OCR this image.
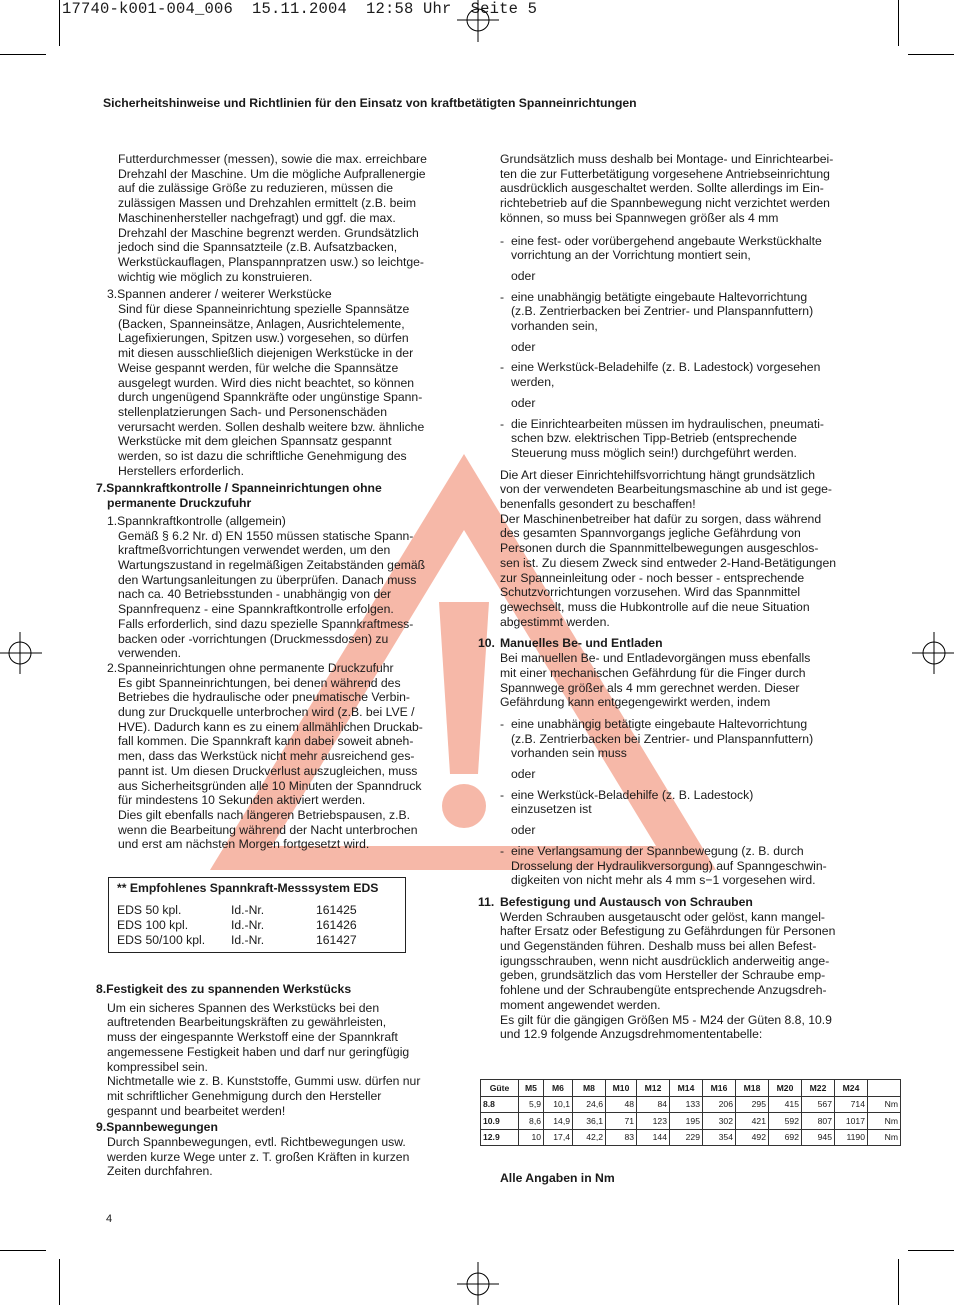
17740-k001-004_006  15.11.2004  12:58 Uhr  Seite 5
Sicherheitshinweise und Richtlinien für den Einsatz von kraftbetätigten Spanneinrichtungen
Futterdurchmesser (messen), sowie die max. erreichbare
Drehzahl der Maschine. Um die mögliche Aufprallenergie
auf die zulässige Größe zu reduzieren, müssen die
zulässigen Massen und Drehzahlen ermittelt (z.B. beim
Maschinenhersteller nachgefragt) und ggf. die max.
Drehzahl der Maschine begrenzt werden. Grundsätzlich
jedoch sind die Spannsatzteile (z.B. Aufsatzbacken,
Werkstückauflagen, Planspannpratzen usw.) so leichtge-
wichtig wie möglich zu konstruieren.

3.Spannen anderer / weiterer Werkstücke

Sind für diese Spanneinrichtung spezielle Spannsätze
(Backen, Spanneinsätze, Anlagen, Ausrichtelemente,
Lagefixierungen, Spitzen usw.) vorgesehen, so dürfen
mit diesen ausschließlich diejenigen Werkstücke in der
Weise gespannt werden, für welche die Spannsätze
ausgelegt wurden. Wird dies nicht beachtet, so können
durch ungenügend Spannkräfte oder ungünstige Spann-
stellenplatzierungen Sach- und Personenschäden
verursacht werden. Sollen deshalb weitere bzw. ähnliche
Werkstücke mit dem gleichen Spannsatz gespannt
werden, so ist dazu die schriftliche Genehmigung des
Herstellers erforderlich.

7.Spannkraftkontrolle / Spanneinrichtungen ohne

permanente Druckzufuhr

1.Spannkraftkontrolle (allgemein)

Gemäß § 6.2 Nr. d) EN 1550 müssen statische Spann-
kraftmeßvorrichtungen verwendet werden, um den
Wartungszustand in regelmäßigen Zeitabständen gemäß
den Wartungsanleitungen zu überprüfen. Danach muss
nach ca. 40 Betriebsstunden - unabhängig von der
Spannfrequenz - eine Spannkraftkontrolle erfolgen.
Falls erforderlich, sind dazu spezielle Spannkraftmess-
backen oder -vorrichtungen (Druckmessdosen) zu
verwenden.

2.Spanneinrichtungen ohne permanente Druckzufuhr

Es gibt Spanneinrichtungen, bei denen während des
Betriebes die hydraulische oder pneumatische Verbin-
dung zur Druckquelle unterbrochen wird (z.B. bei LVE /
HVE). Dadurch kann es zu einem allmählichen Druckab-
fall kommen. Die Spannkraft kann dabei soweit abneh-
men, dass das Werkstück nicht mehr ausreichend ges-
pannt ist. Um diesen Druckverlust auszugleichen, muss
aus Sicherheitsgründen alle 10 Minuten der Spanndruck
für mindestens 10 Sekunden aktiviert werden.
Dies gilt ebenfalls nach längeren Betriebspausen, z.B.
wenn die Bearbeitung während der Nacht unterbrochen
und erst am nächsten Morgen fortgesetzt wird.
** Empfohlenes Spannkraft-Messsystem EDS
EDS 50 kpl.	Id.-Nr.	161425
EDS 100 kpl.	Id.-Nr.	161426
EDS 50/100 kpl. Id.-Nr.	161427

8.Festigkeit des zu spannenden Werkstücks

Um ein sicheres Spannen des Werkstücks bei den
auftretenden Bearbeitungskräften zu gewährleisten,
muss der eingespannte Werkstoff eine der Spannkraft
angemessene Festigkeit haben und darf nur geringfügig
kompressibel sein.
Nichtmetalle wie z. B. Kunststoffe, Gummi usw. dürfen nur
mit schriftlicher Genehmigung durch den Hersteller
gespannt und bearbeitet werden!

9.Spannbewegungen

Durch Spannbewegungen, evtl. Richtbewegungen usw.
werden kurze Wege unter z. T. großen Kräften in kurzen
Zeiten durchfahren.
Grundsätzlich muss deshalb bei Montage- und Einrichtearbei-
ten die zur Futterbetätigung vorgesehene Antriebseinrichtung
ausdrücklich ausgeschaltet werden. Sollte allerdings im Ein-
richtebetrieb auf die Spannbewegung nicht verzichtet werden
können, so muss bei Spannwegen größer als 4 mm
- eine fest- oder vorübergehend angebaute Werkstückhalte
vorrichtung an der Vorrichtung montiert sein,

oder

- eine unabhängig betätigte eingebaute Haltevorrichtung
(z.B. Zentrierbacken bei Zentrier- und Planspannfuttern)
vorhanden sein,

oder

- eine Werkstück-Beladehilfe (z. B. Ladestock) vorgesehen
werden,

oder

- die Einrichtearbeiten müssen im hydraulischen, pneumati-
schen bzw. elektrischen Tipp-Betrieb (entsprechende
Steuerung muss möglich sein!) durchgeführt werden.
Die Art dieser Einrichtehilfsvorrichtung hängt grundsätzlich
von der verwendeten Bearbeitungsmaschine ab und ist gege-
benenfalls gesondert zu beschaffen!
Der Maschinenbetreiber hat dafür zu sorgen, dass während
des gesamten Spannvorgangs jegliche Gefährdung von
Personen durch die Spannmittelbewegungen ausgeschlos-
sen ist. Zu diesem Zweck sind entweder 2-Hand-Betätigungen
zur Spanneinleitung oder - noch besser - entsprechende
Schutzvorrichtungen vorzusehen. Wird das Spannmittel
gewechselt, muss die Hubkontrolle auf die neue Situation
abgestimmt werden.

10. Manuelles Be- und Entladen

Bei manuellen Be- und Entladevorgängen muss ebenfalls
mit einer mechanischen Gefährdung für die Finger durch
Spannwege größer als 4 mm gerechnet werden. Dieser
Gefährdung kann entgegengewirkt werden, indem
- eine unabhängig betätigte eingebaute Haltevorrichtung
(z.B. Zentrierbacken bei Zentrier- und Planspannfuttern)
vorhanden sein muss

oder

- eine Werkstück-Beladehilfe (z. B. Ladestock)
einzusetzen ist

oder

- eine Verlangsamung der Spannbewegung (z. B. durch
Drosselung der Hydraulikversorgung) auf Spanngeschwin-
digkeiten von nicht mehr als 4 mm s−1 vorgesehen wird.

11. Befestigung und Austausch von Schrauben

Werden Schrauben ausgetauscht oder gelöst, kann mangel-
hafter Ersatz oder Befestigung zu Gefährdungen für Personen
und Gegenständen führen. Deshalb muss bei allen Befest-
igungsschrauben, wenn nicht ausdrücklich anderweitig ange-
geben, grundsätzlich das vom Hersteller der Schraube emp-
fohlene und der Schraubengüte entsprechende Anzugsdreh-
moment angewendet werden.
Es gilt für die gängigen Größen M5 - M24 der Güten 8.8, 10.9
und 12.9 folgende Anzugsdrehmomententabelle:
Güte	M5	M6	M8	M10	M12	M14	M16	M18	M20	M22	M24	
8.8	5,9	10,1	24,6	48	84	133	206	295	415	567	714	Nm
10.9	8,6	14,9	36,1	71	123	195	302	421	592	807	1017	Nm
12.9	10	17,4	42,2	83	144	229	354	492	692	945	1190	Nm
Alle Angaben in Nm
4
